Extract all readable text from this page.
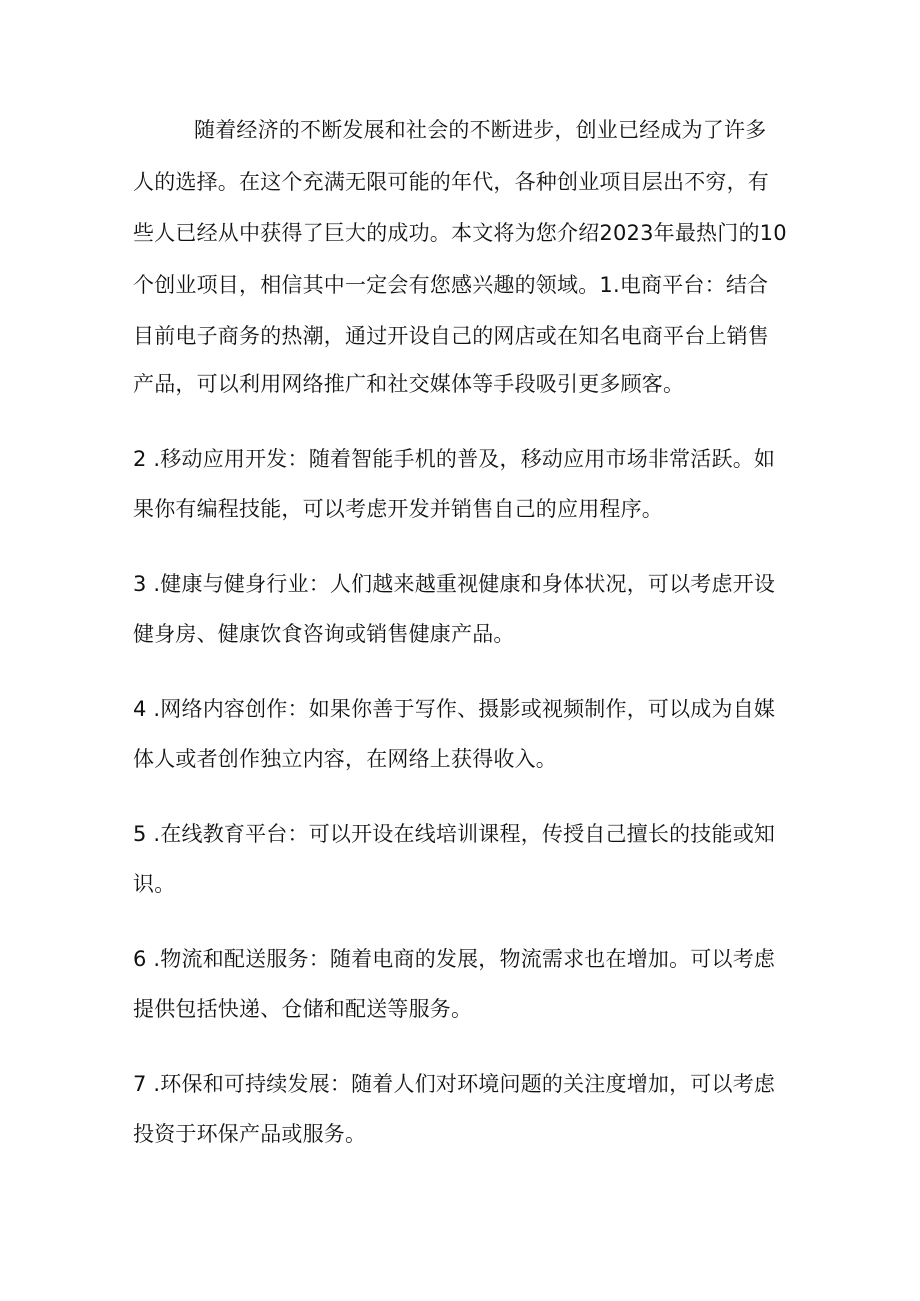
随着经济的不断发展和社会的不断进步，创业已经成为了许多
人的选择。在这个充满无限可能的年代，各种创业项目层出不穷，有
些人已经从中获得了巨大的成功。本文将为您介绍2023年最热门的10
个创业项目，相信其中一定会有您感兴趣的领域。1.电商平台：结合
目前电子商务的热潮，通过开设自己的网店或在知名电商平台上销售
产品，可以利用网络推广和社交媒体等手段吸引更多顾客。
2 .移动应用开发：随着智能手机的普及，移动应用市场非常活跃。如
果你有编程技能，可以考虑开发并销售自己的应用程序。
3 .健康与健身行业：人们越来越重视健康和身体状况，可以考虑开设
健身房、健康饮食咨询或销售健康产品。
4 .网络内容创作：如果你善于写作、摄影或视频制作，可以成为自媒
体人或者创作独立内容，在网络上获得收入。
5 .在线教育平台：可以开设在线培训课程，传授自己擅长的技能或知
识。
6 .物流和配送服务：随着电商的发展，物流需求也在增加。可以考虑
提供包括快递、仓储和配送等服务。
7 .环保和可持续发展：随着人们对环境问题的关注度增加，可以考虑
投资于环保产品或服务。
